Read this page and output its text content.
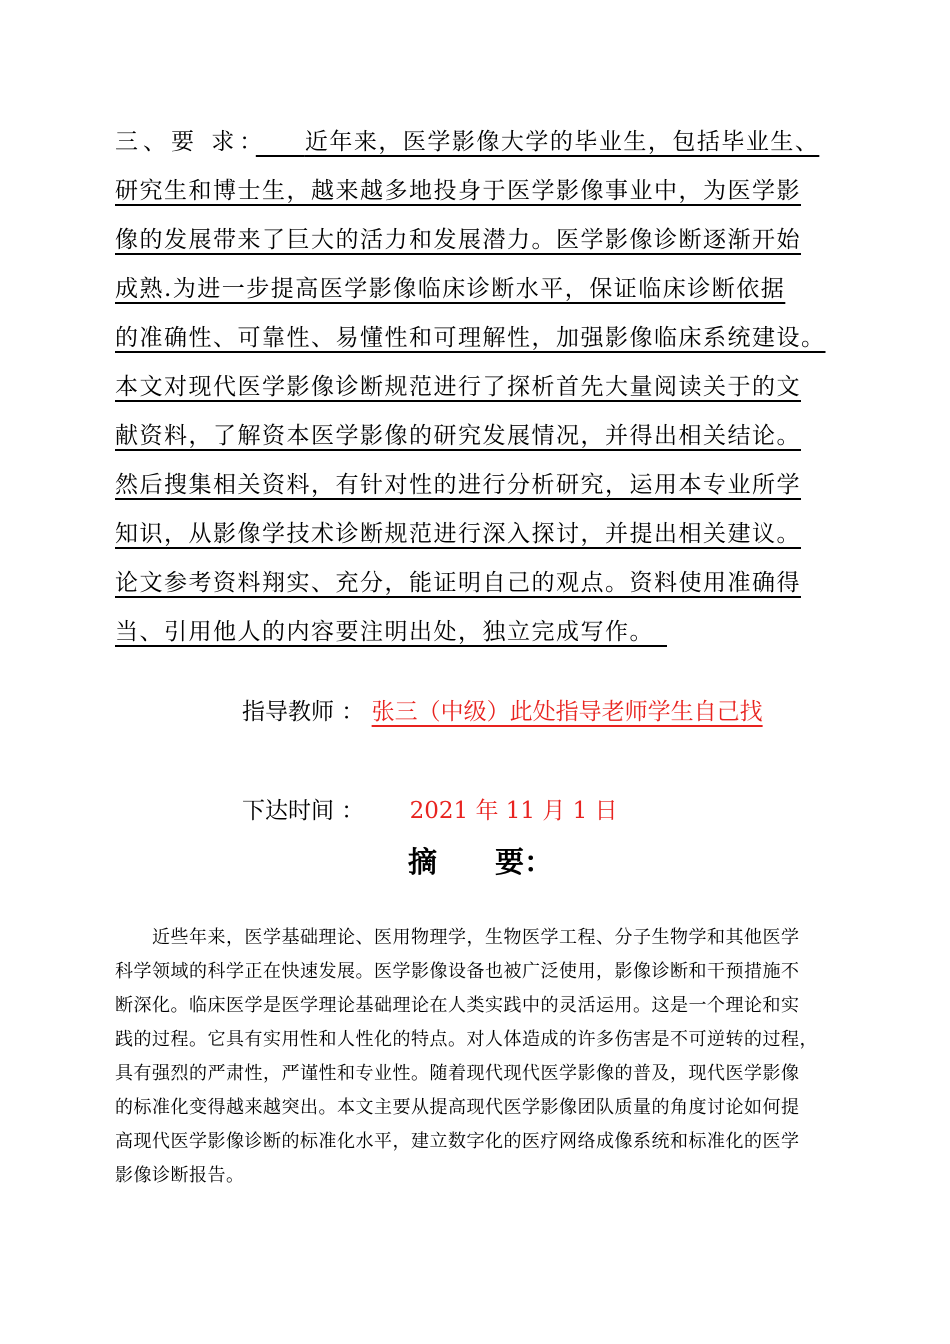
三、要 求：　　 近年来，医学影像大学的毕业生，包括毕业生、
研究生和博士生，越来越多地投身于医学影像事业中，为医学影
像的发展带来了巨大的活力和发展潜力。医学影像诊断逐渐开始
成熟.为进一步提高医学影像临床诊断水平，保证临床诊断依据
的准确性、可靠性、易懂性和可理解性，加强影像临床系统建设。
本文对现代医学影像诊断规范进行了探析首先大量阅读关于的文
献资料，了解资本医学影像的研究发展情况，并得出相关结论。
然后搜集相关资料，有针对性的进行分析研究，运用本专业所学
知识，从影像学技术诊断规范进行深入探讨，并提出相关建议。
论文参考资料翔实、充分，能证明自己的观点。资料使用准确得
当、引用他人的内容要注明出处，独立完成写作。　
指导教师 ： 张三（中级）此处指导老师学生自己找
下达时间 ： 2021 年 11 月 1 日
摘　　要：
近些年来，医学基础理论、医用物理学，生物医学工程、分子生物学和其他医学
科学领域的科学正在快速发展。医学影像设备也被广泛使用，影像诊断和干预措施不
断深化。临床医学是医学理论基础理论在人类实践中的灵活运用。这是一个理论和实
践的过程。它具有实用性和人性化的特点。对人体造成的许多伤害是不可逆转的过程，
具有强烈的严肃性，严谨性和专业性。随着现代现代医学影像的普及，现代医学影像
的标准化变得越来越突出。本文主要从提高现代医学影像团队质量的角度讨论如何提
高现代医学影像诊断的标准化水平，建立数字化的医疗网络成像系统和标准化的医学
影像诊断报告。
